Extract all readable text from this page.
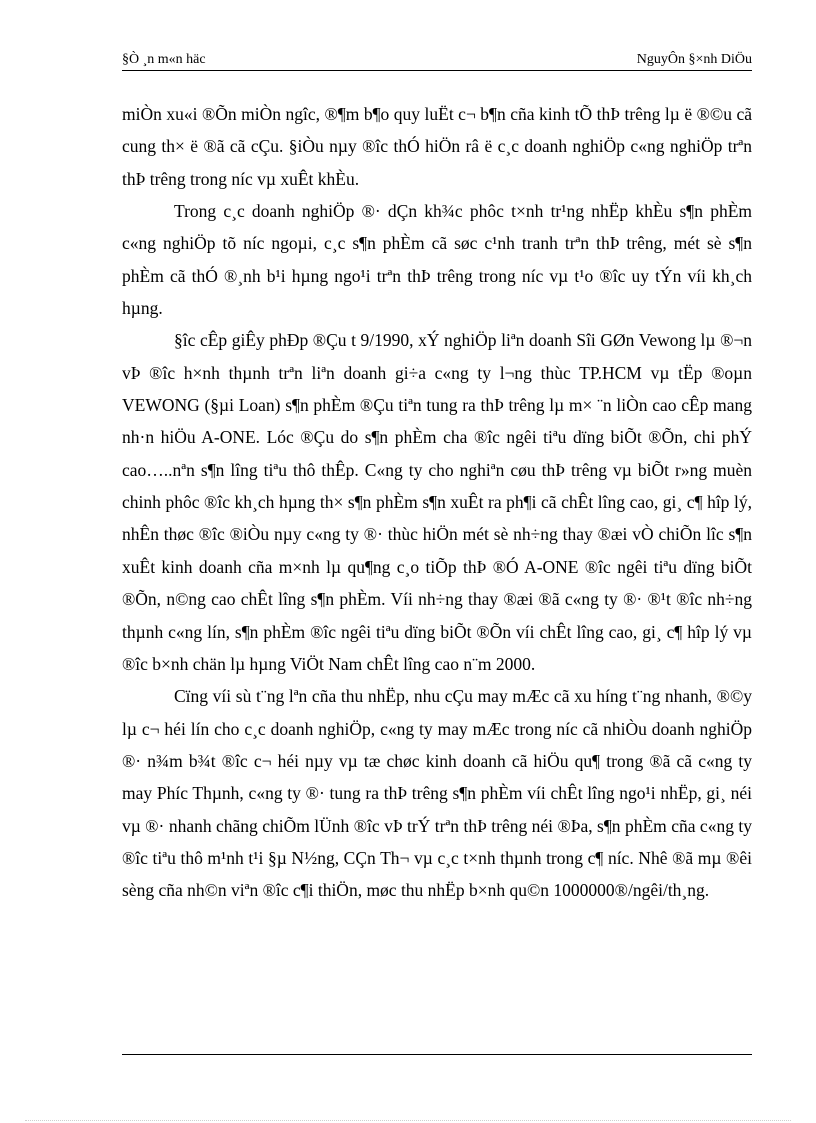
§Ò ¸n m«n häc	NguyÔn §×nh DiÖu

miÒn xu«i ®Õn miÒn ngîc, ®¶m b¶o quy luËt c¬ b¶n cña kinh tÕ thÞ trêng lµ ë ®©u cã cung th× ë ®ã cã cÇu. §iÒu nµy ®îc thÓ hiÖn râ ë c¸c doanh nghiÖp c«ng nghiÖp trªn thÞ trêng trong níc vµ xuÊt khÈu.

Trong c¸c doanh nghiÖp ®· dÇn kh¾c phôc t×nh tr¹ng nhËp khÈu s¶n phÈm c«ng nghiÖp tõ níc ngoµi, c¸c s¶n phÈm cã søc c¹nh tranh trªn thÞ trêng, mét sè s¶n phÈm cã thÓ ®¸nh b¹i hµng ngo¹i trªn thÞ trêng trong níc vµ t¹o ®îc uy tÝn víi kh¸ch hµng.

§îc cÊp giÊy phÐp ®Çu t 9/1990, xÝ nghiÖp liªn doanh Sîi GØn Vewong lµ ®¬n vÞ ®îc h×nh thµnh trªn liªn doanh gi÷a c«ng ty l¬ng thùc TP.HCM vµ tËp ®oµn VEWONG (§µi Loan) s¶n phÈm ®Çu tiªn tung ra thÞ trêng lµ m× ¨n liÒn cao cÊp mang nh·n hiÖu A-ONE. Lóc ®Çu do s¶n phÈm cha ®îc ngêi tiªu dïng biÕt ®Õn, chi phÝ cao…..nªn s¶n lîng tiªu thô thÊp. C«ng ty cho nghiªn cøu thÞ trêng vµ biÕt r»ng muèn chinh phôc ®îc kh¸ch hµng th× s¶n phÈm s¶n xuÊt ra ph¶i cã chÊt lîng cao, gi¸ c¶ hîp lý, nhÊn thøc ®îc ®iÒu nµy c«ng ty ®· thùc hiÖn mét sè nh÷ng thay ®æi vÒ chiÕn lîc s¶n xuÊt kinh doanh cña m×nh lµ qu¶ng c¸o tiÕp thÞ ®Ó A-ONE ®îc ngêi tiªu dïng biÕt ®Õn, n©ng cao chÊt lîng s¶n phÈm. Víi nh÷ng thay ®æi ®ã c«ng ty ®· ®¹t ®îc nh÷ng thµnh c«ng lín, s¶n phÈm ®îc ngêi tiªu dïng biÕt ®Õn víi chÊt lîng cao, gi¸ c¶ hîp lý vµ ®îc b×nh chän lµ hµng ViÖt Nam chÊt lîng cao n¨m 2000.

Cïng víi sù t¨ng lªn cña thu nhËp, nhu cÇu may mÆc cã xu híng t¨ng nhanh, ®©y lµ c¬ héi lín cho c¸c doanh nghiÖp, c«ng ty may mÆc trong níc cã nhiÒu doanh nghiÖp ®· n¾m b¾t ®îc c¬ héi nµy vµ tæ chøc kinh doanh cã hiÖu qu¶ trong ®ã cã c«ng ty may Phíc Thµnh, c«ng ty ®· tung ra thÞ trêng s¶n phÈm víi chÊt lîng ngo¹i nhËp, gi¸ néi vµ ®· nhanh chãng chiÕm lÜnh ®îc vÞ trÝ trªn thÞ trêng néi ®Þa, s¶n phÈm cña c«ng ty ®îc tiªu thô m¹nh t¹i §µ N½ng, CÇn Th¬ vµ c¸c t×nh thµnh trong c¶ níc. Nhê ®ã mµ ®êi sèng cña nh©n viªn ®îc c¶i thiÖn, møc thu nhËp b×nh qu©n 1000000®/ngêi/th¸ng.
